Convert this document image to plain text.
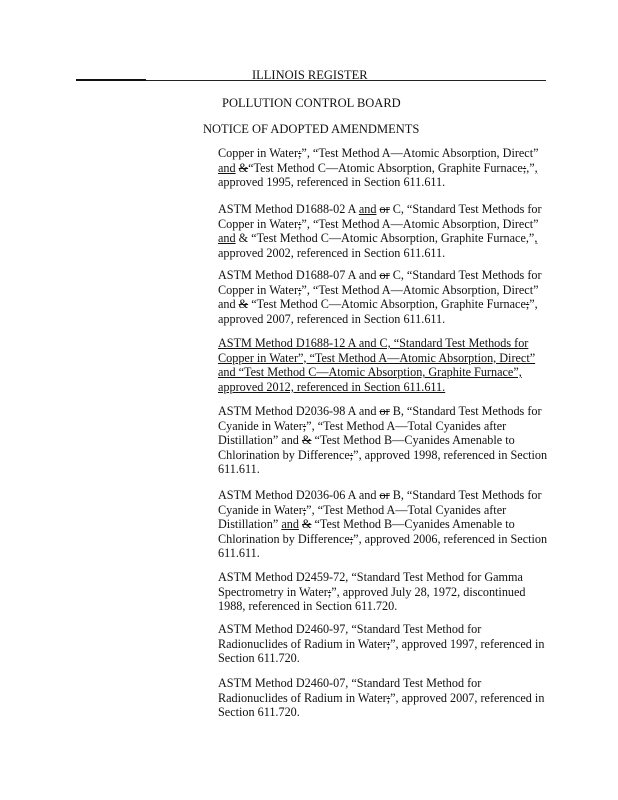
ILLINOIS REGISTER
POLLUTION CONTROL BOARD
NOTICE OF ADOPTED AMENDMENTS
Copper in Water;”, “Test Method A—Atomic Absorption, Direct” and &“Test Method C—Atomic Absorption, Graphite Furnace;,”, approved 1995, referenced in Section 611.611.
ASTM Method D1688-02 A and or C, “Standard Test Methods for Copper in Water;”, “Test Method A—Atomic Absorption, Direct” and & “Test Method C—Atomic Absorption, Graphite Furnace,”, approved 2002, referenced in Section 611.611.
ASTM Method D1688-07 A and or C, “Standard Test Methods for Copper in Water;”, “Test Method A—Atomic Absorption, Direct” and & “Test Method C—Atomic Absorption, Graphite Furnace;”, approved 2007, referenced in Section 611.611.
ASTM Method D1688-12 A and C, “Standard Test Methods for Copper in Water”, “Test Method A—Atomic Absorption, Direct” and “Test Method C—Atomic Absorption, Graphite Furnace”, approved 2012, referenced in Section 611.611.
ASTM Method D2036-98 A and or B, “Standard Test Methods for Cyanide in Water;”, “Test Method A—Total Cyanides after Distillation” and & “Test Method B—Cyanides Amenable to Chlorination by Difference;”, approved 1998, referenced in Section 611.611.
ASTM Method D2036-06 A and or B, “Standard Test Methods for Cyanide in Water;”, “Test Method A—Total Cyanides after Distillation” and & “Test Method B—Cyanides Amenable to Chlorination by Difference;”, approved 2006, referenced in Section 611.611.
ASTM Method D2459-72, “Standard Test Method for Gamma Spectrometry in Water;”, approved July 28, 1972, discontinued 1988, referenced in Section 611.720.
ASTM Method D2460-97, “Standard Test Method for Radionuclides of Radium in Water;”, approved 1997, referenced in Section 611.720.
ASTM Method D2460-07, “Standard Test Method for Radionuclides of Radium in Water;”, approved 2007, referenced in Section 611.720.
